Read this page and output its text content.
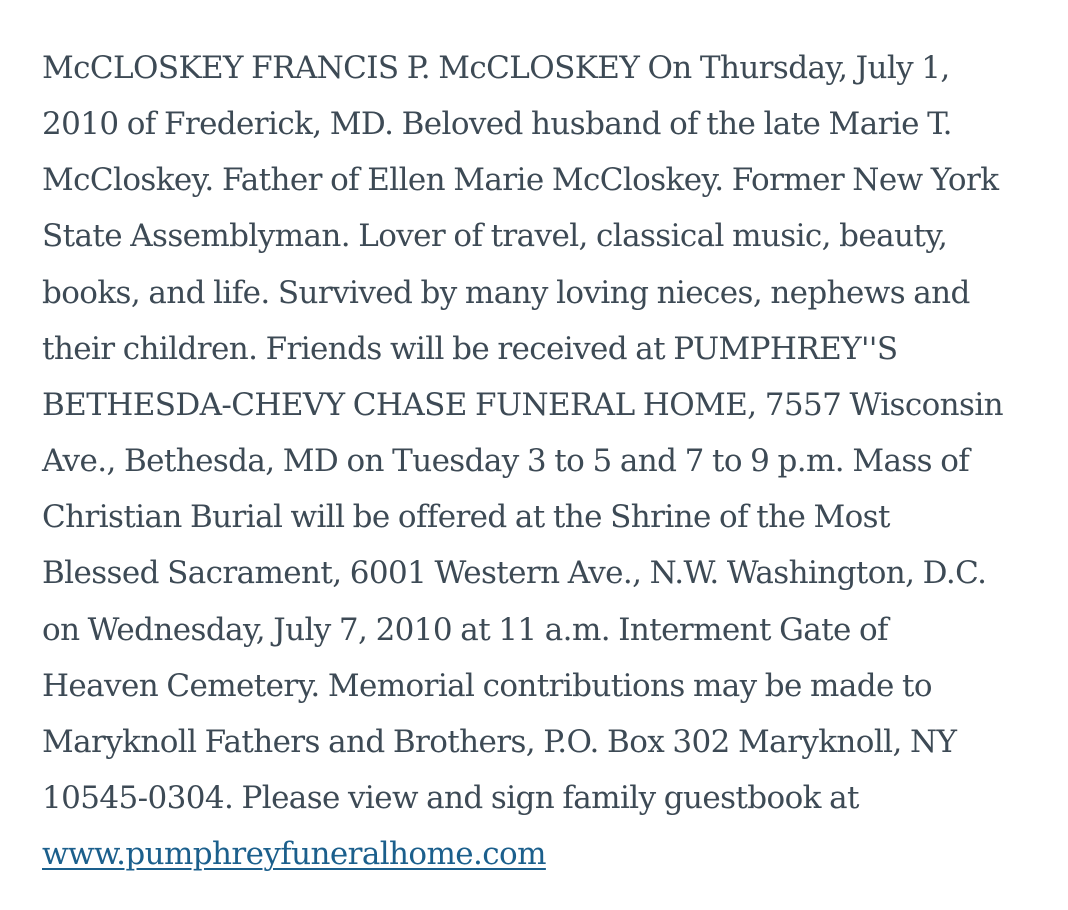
McCLOSKEY FRANCIS P. McCLOSKEY On Thursday, July 1,
2010 of Frederick, MD. Beloved husband of the late Marie T.
McCloskey. Father of Ellen Marie McCloskey. Former New York
State Assemblyman. Lover of travel, classical music, beauty,
books, and life. Survived by many loving nieces, nephews and
their children. Friends will be received at PUMPHREY''S
BETHESDA-CHEVY CHASE FUNERAL HOME, 7557 Wisconsin
Ave., Bethesda, MD on Tuesday 3 to 5 and 7 to 9 p.m. Mass of
Christian Burial will be offered at the Shrine of the Most
Blessed Sacrament, 6001 Western Ave., N.W. Washington, D.C.
on Wednesday, July 7, 2010 at 11 a.m. Interment Gate of
Heaven Cemetery. Memorial contributions may be made to
Maryknoll Fathers and Brothers, P.O. Box 302 Maryknoll, NY
10545-0304. Please view and sign family guestbook at
www.pumphreyfuneralhome.com
